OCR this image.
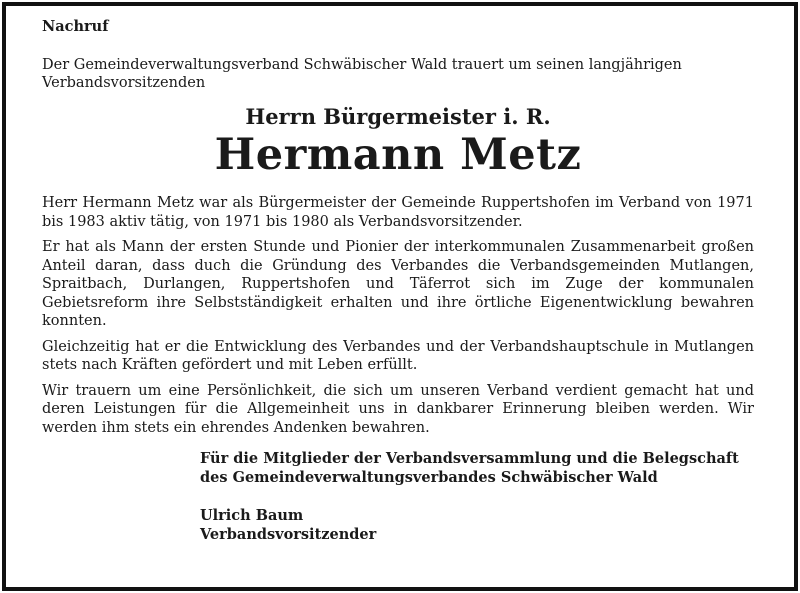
Nachruf

Der Gemeindeverwaltungsverband Schwäbischer Wald trauert um seinen langjährigen Verbandsvorsitzenden

Herrn Bürgermeister i. R.

Hermann Metz

Herr Hermann Metz war als Bürgermeister der Gemeinde Ruppertshofen im Verband von 1971 bis 1983 aktiv tätig, von 1971 bis 1980 als Verbandsvorsitzender.

Er hat als Mann der ersten Stunde und Pionier der interkommunalen Zusammenarbeit großen Anteil daran, dass duch die Gründung des Verbandes die Verbandsgemeinden Mutlangen, Spraitbach, Durlangen, Ruppertshofen und Täferrot sich im Zuge der kommunalen Gebietsreform ihre Selbstständigkeit erhalten und ihre örtliche Eigenentwicklung bewahren konnten.

Gleichzeitig hat er die Entwicklung des Verbandes und der Verbandshauptschule in Mutlangen stets nach Kräften gefördert und mit Leben erfüllt.

Wir trauern um eine Persönlichkeit, die sich um unseren Verband verdient gemacht hat und deren Leistungen für die Allgemeinheit uns in dankbarer Erinnerung bleiben werden. Wir werden ihm stets ein ehrendes Andenken bewahren.

Für die Mitglieder der Verbandsversammlung und die Belegschaft des Gemeindeverwaltungsverbandes Schwäbischer Wald

Ulrich Baum

Verbandsvorsitzender
